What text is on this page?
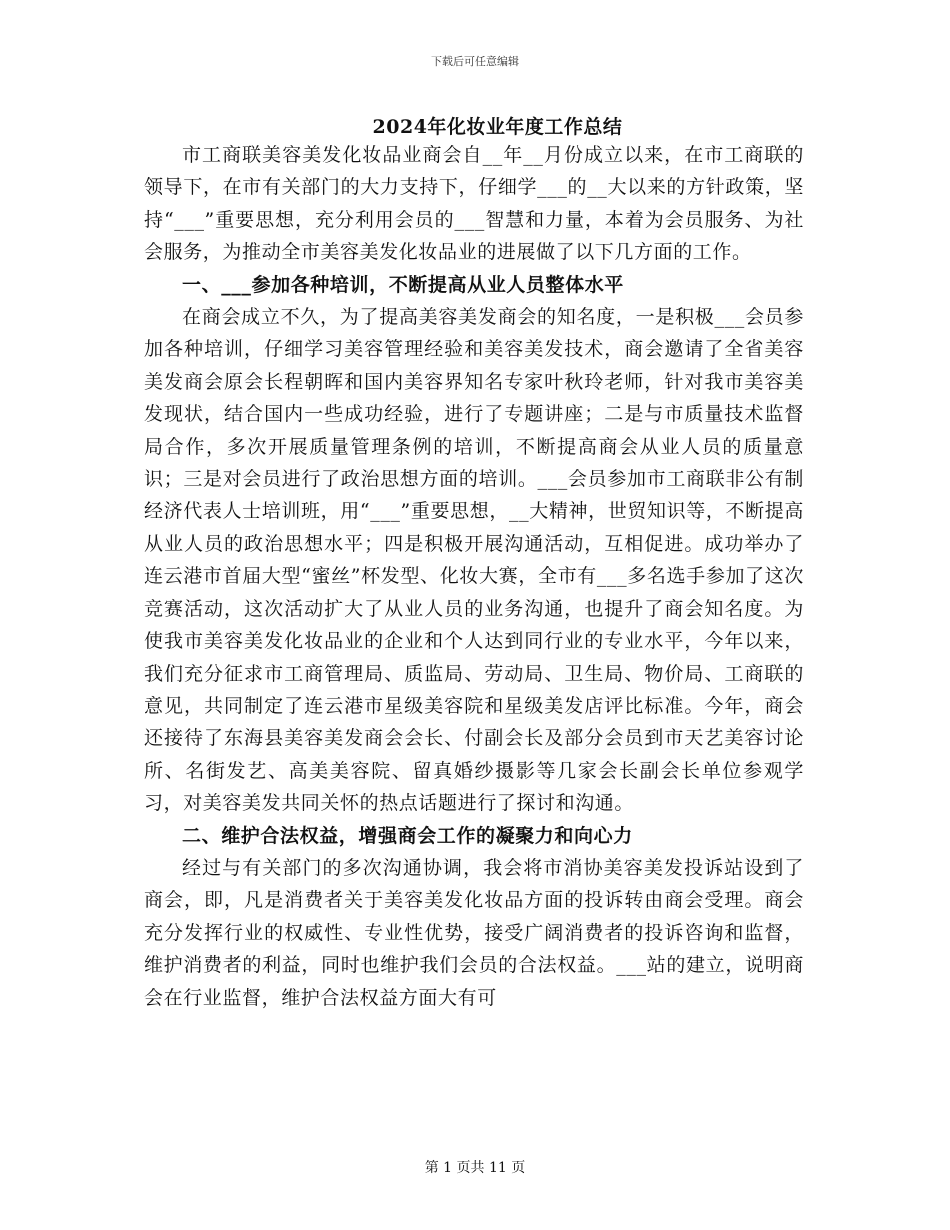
下载后可任意编辑
2024年化妆业年度工作总结

市工商联美容美发化妆品业商会自__年__月份成立以来，在市工商联的领导下，在市有关部门的大力支持下，仔细学___的__大以来的方针政策，坚持“___”重要思想，充分利用会员的___智慧和力量，本着为会员服务、为社会服务，为推动全市美容美发化妆品业的进展做了以下几方面的工作。

一、___参加各种培训，不断提高从业人员整体水平

在商会成立不久，为了提高美容美发商会的知名度，一是积极___会员参加各种培训，仔细学习美容管理经验和美容美发技术，商会邀请了全省美容美发商会原会长程朝晖和国内美容界知名专家叶秋玲老师，针对我市美容美发现状，结合国内一些成功经验，进行了专题讲座；二是与市质量技术监督局合作，多次开展质量管理条例的培训，不断提高商会从业人员的质量意识；三是对会员进行了政治思想方面的培训。___会员参加市工商联非公有制经济代表人士培训班，用“___”重要思想，__大精神，世贸知识等，不断提高从业人员的政治思想水平；四是积极开展沟通活动，互相促进。成功举办了连云港市首届大型“蜜丝”杯发型、化妆大赛，全市有___多名选手参加了这次竞赛活动，这次活动扩大了从业人员的业务沟通，也提升了商会知名度。为使我市美容美发化妆品业的企业和个人达到同行业的专业水平，今年以来，我们充分征求市工商管理局、质监局、劳动局、卫生局、物价局、工商联的意见，共同制定了连云港市星级美容院和星级美发店评比标准。今年，商会还接待了东海县美容美发商会会长、付副会长及部分会员到市天艺美容讨论所、名街发艺、高美美容院、留真婚纱摄影等几家会长副会长单位参观学习，对美容美发共同关怀的热点话题进行了探讨和沟通。

二、维护合法权益，增强商会工作的凝聚力和向心力

经过与有关部门的多次沟通协调，我会将市消协美容美发投诉站设到了商会，即，凡是消费者关于美容美发化妆品方面的投诉转由商会受理。商会充分发挥行业的权威性、专业性优势，接受广阔消费者的投诉咨询和监督，维护消费者的利益，同时也维护我们会员的合法权益。___站的建立，说明商会在行业监督，维护合法权益方面大有可

第 1 页共 11 页
